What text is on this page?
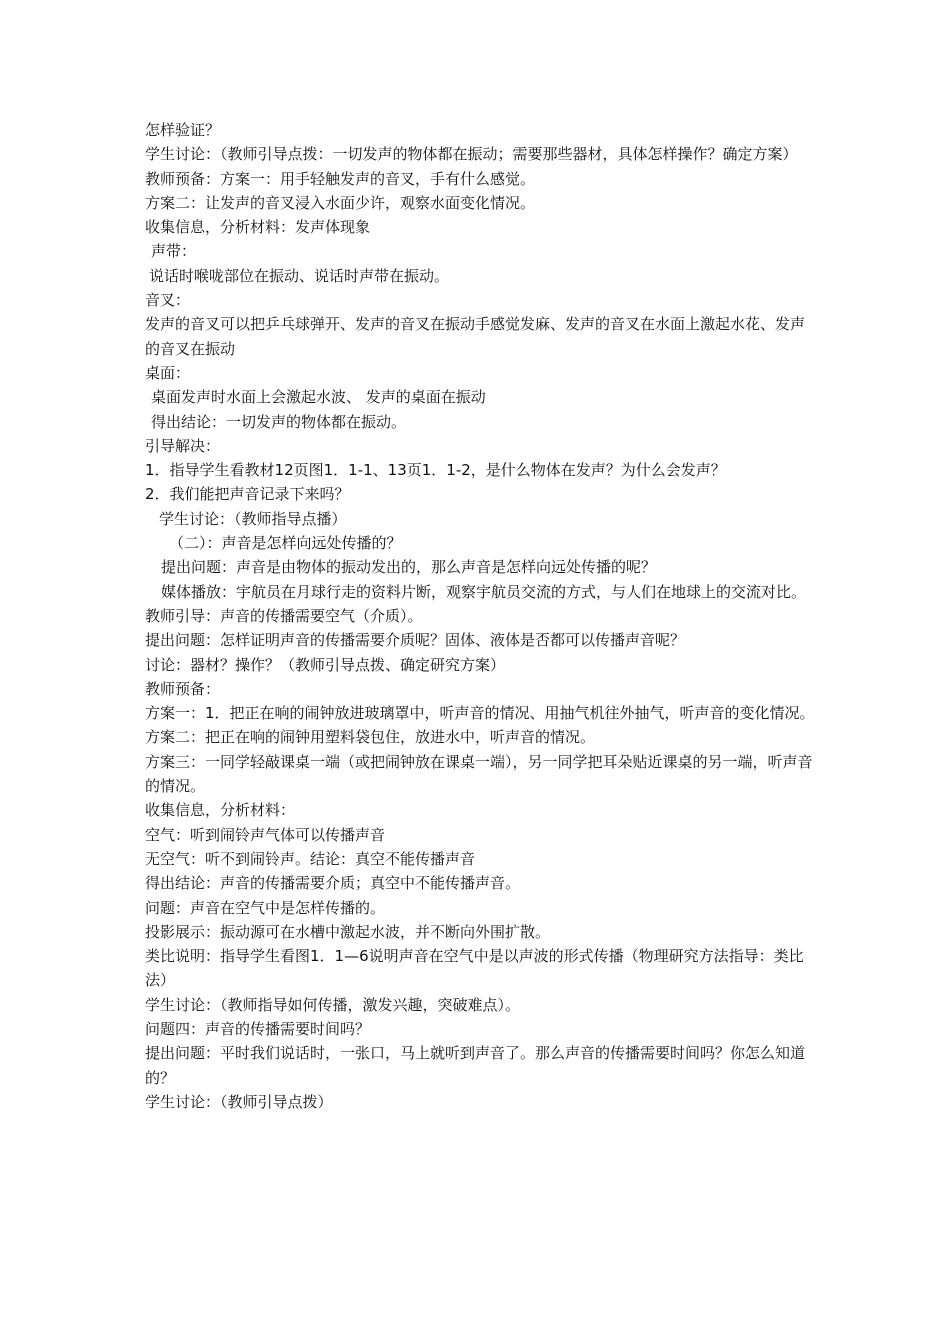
怎样验证？

学生讨论：（教师引导点拨：一切发声的物体都在振动；需要那些器材，具体怎样操作？确定方案）

教师预备：方案一：用手轻触发声的音叉，手有什么感觉。

方案二：让发声的音叉浸入水面少许，观察水面变化情况。

收集信息，分析材料：发声体现象

声带：

说话时喉咙部位在振动、说话时声带在振动。

音叉：

发声的音叉可以把乒乓球弹开、发声的音叉在振动手感觉发麻、发声的音叉在水面上激起水花、发声的音叉在振动

桌面：

桌面发声时水面上会激起水波、 发声的桌面在振动

得出结论：一切发声的物体都在振动。

引导解决：

1．指导学生看教材12页图1．1-1、13页1．1-2，是什么物体在发声？为什么会发声？

2．我们能把声音记录下来吗？

学生讨论：（教师指导点播）

（二）：声音是怎样向远处传播的？

提出问题：声音是由物体的振动发出的，那么声音是怎样向远处传播的呢？

媒体播放：宇航员在月球行走的资料片断，观察宇航员交流的方式，与人们在地球上的交流对比。

教师引导：声音的传播需要空气（介质）。

提出问题：怎样证明声音的传播需要介质呢？固体、液体是否都可以传播声音呢？

讨论：器材？操作？（教师引导点拨、确定研究方案）

教师预备：

方案一：1．把正在响的闹钟放进玻璃罩中，听声音的情况、用抽气机往外抽气，听声音的变化情况。

方案二：把正在响的闹钟用塑料袋包住，放进水中，听声音的情况。

方案三：一同学轻敲课桌一端（或把闹钟放在课桌一端），另一同学把耳朵贴近课桌的另一端，听声音的情况。

收集信息，分析材料：

空气：听到闹铃声气体可以传播声音

无空气：听不到闹铃声。结论：真空不能传播声音

得出结论：声音的传播需要介质；真空中不能传播声音。

问题：声音在空气中是怎样传播的。

投影展示：振动源可在水槽中激起水波，并不断向外围扩散。

类比说明：指导学生看图1．1—6说明声音在空气中是以声波的形式传播（物理研究方法指导：类比法）

学生讨论：（教师指导如何传播，激发兴趣，突破难点）。

问题四：声音的传播需要时间吗？

提出问题：平时我们说话时，一张口，马上就听到声音了。那么声音的传播需要时间吗？你怎么知道的？

学生讨论：（教师引导点拨）
